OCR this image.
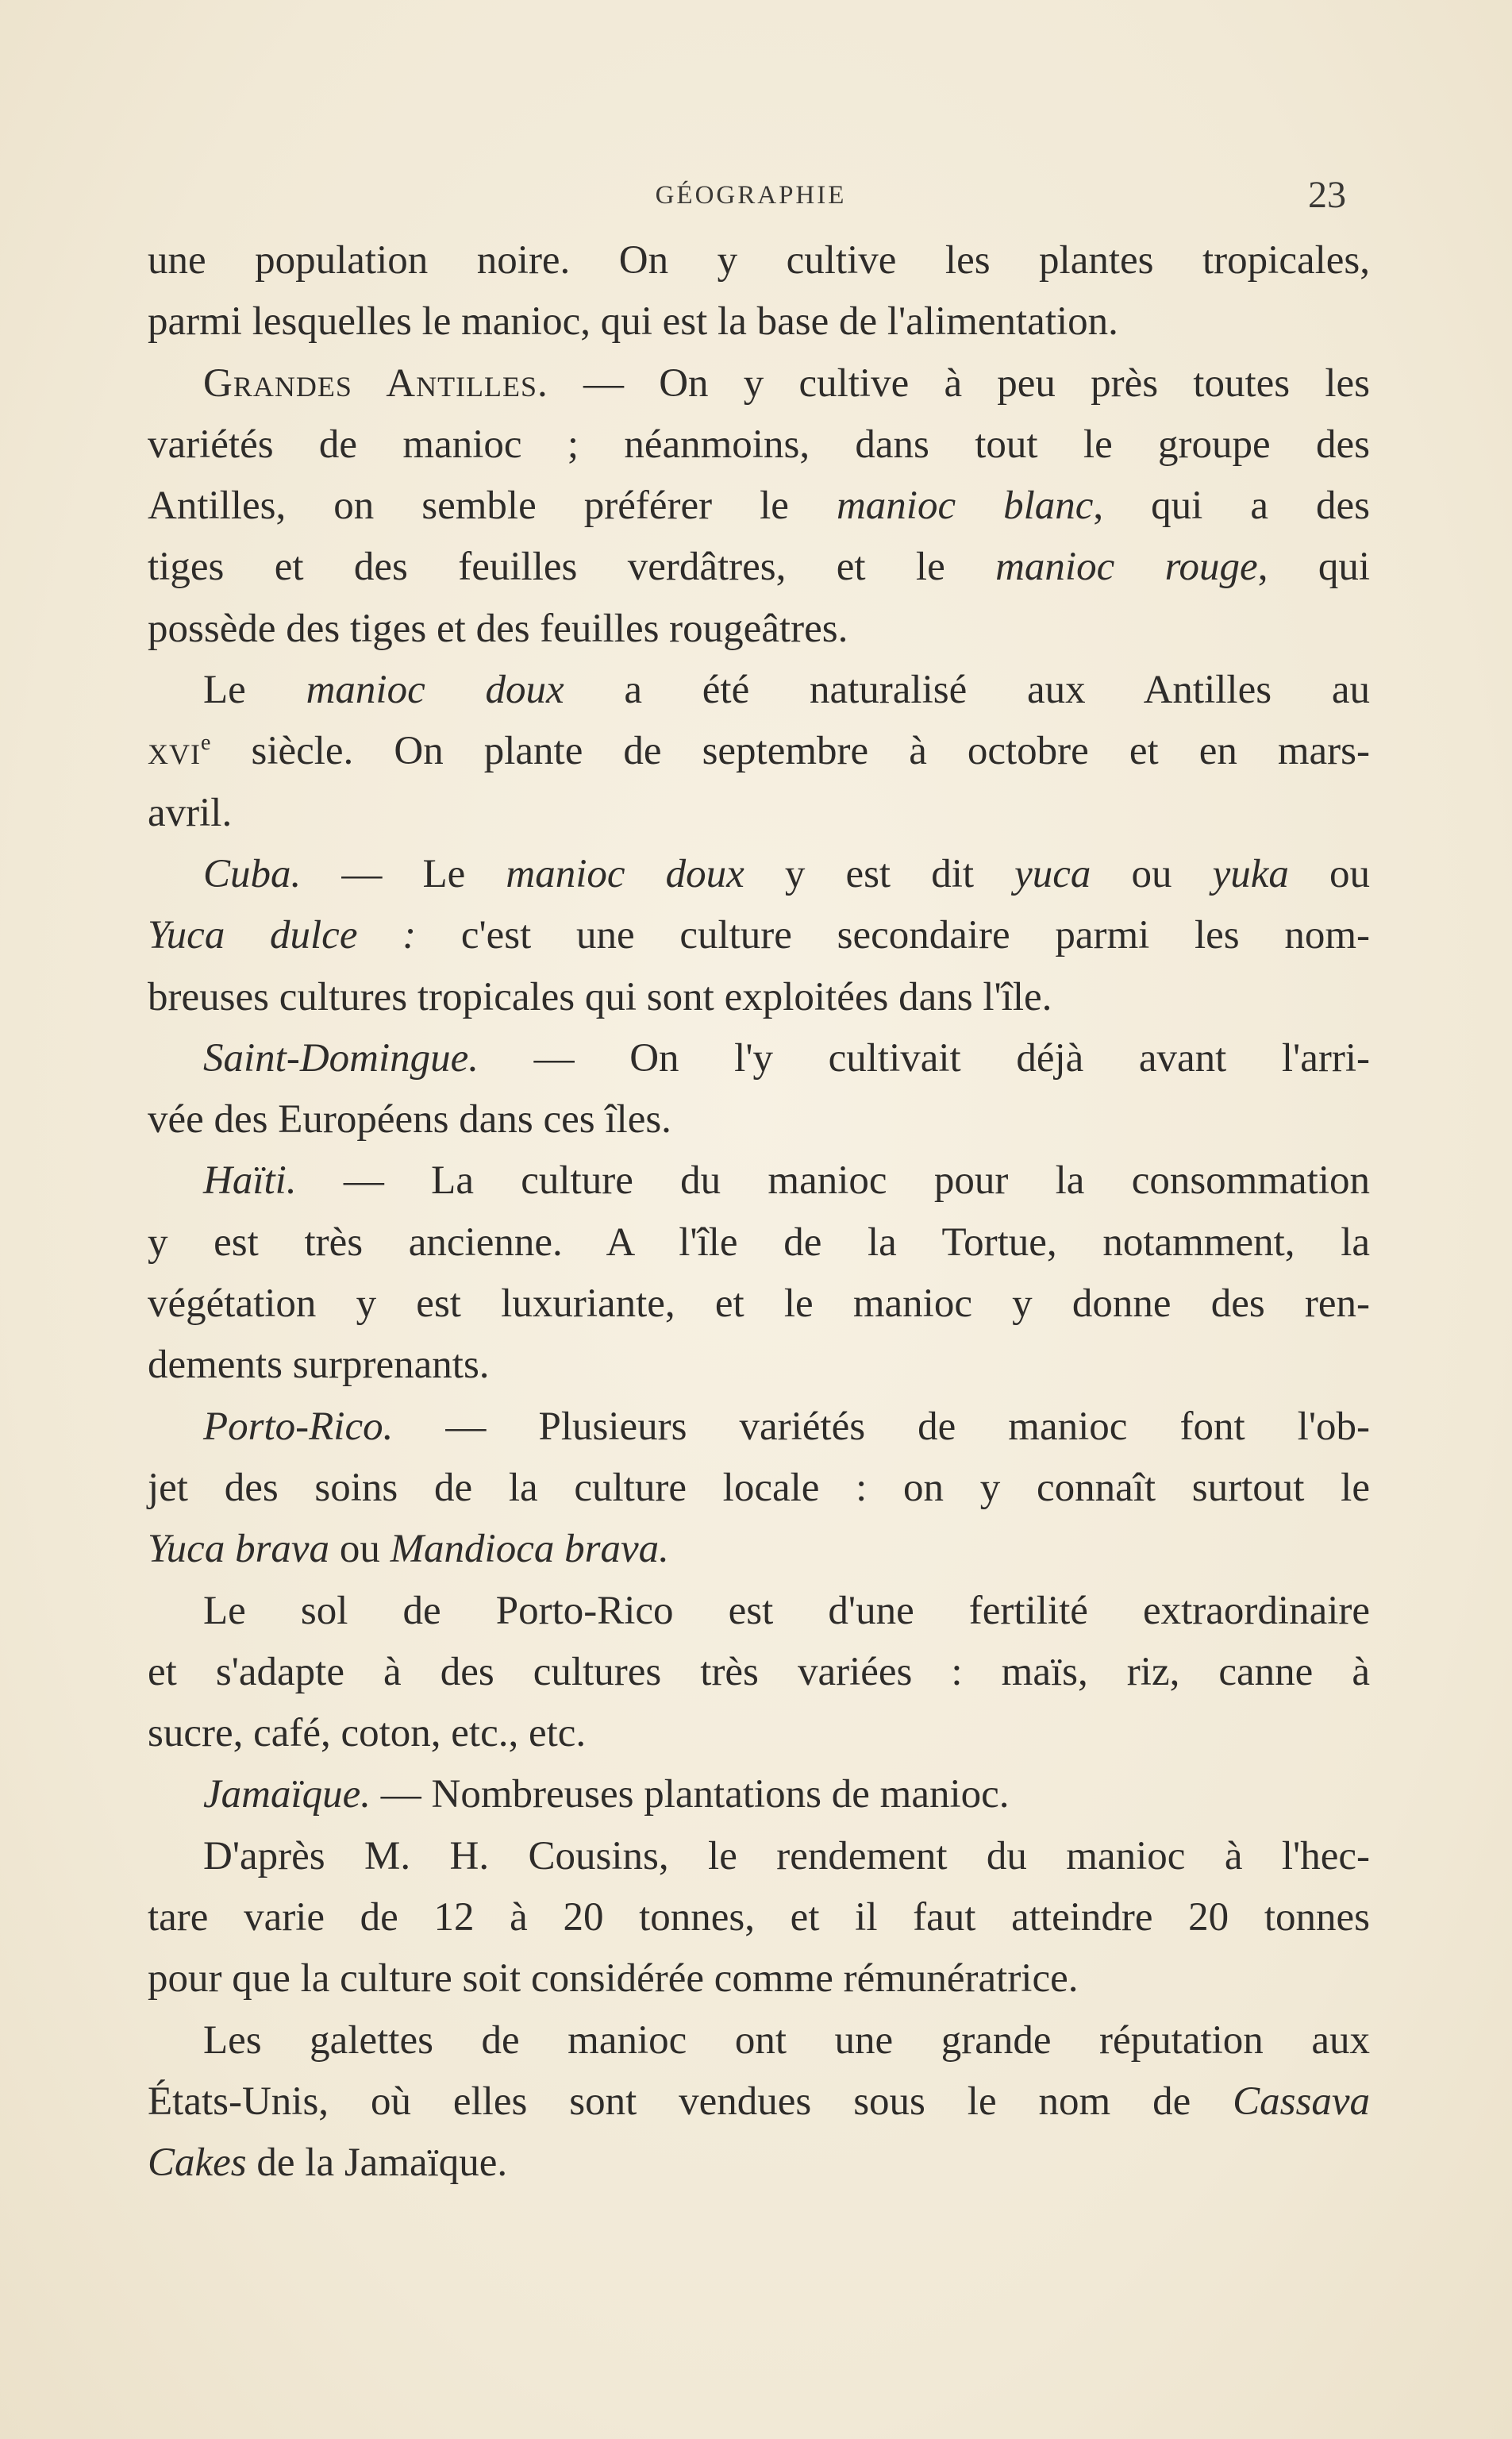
GÉOGRAPHIE	23
une population noire. On y cultive les plantes tropicales,
parmi lesquelles le manioc, qui est la base de l'alimentation.
Grandes Antilles. — On y cultive à peu près toutes les
variétés de manioc ; néanmoins, dans tout le groupe des
Antilles, on semble préférer le manioc blanc, qui a des
tiges et des feuilles verdâtres, et le manioc rouge, qui
possède des tiges et des feuilles rougeâtres.
Le manioc doux a été naturalisé aux Antilles au
xvi$^e$ siècle. On plante de septembre à octobre et en mars-
avril.
Cuba. — Le manioc doux y est dit yuca ou yuka ou
Yuca dulce : c'est une culture secondaire parmi les nom-
breuses cultures tropicales qui sont exploitées dans l'île.
Saint-Domingue. — On l'y cultivait déjà avant l'arri-
vée des Européens dans ces îles.
Haïti. — La culture du manioc pour la consommation
y est très ancienne. A l'île de la Tortue, notamment, la
végétation y est luxuriante, et le manioc y donne des ren-
dements surprenants.
Porto-Rico. — Plusieurs variétés de manioc font l'ob-
jet des soins de la culture locale : on y connaît surtout le
Yuca brava ou Mandioca brava.
Le sol de Porto-Rico est d'une fertilité extraordinaire
et s'adapte à des cultures très variées : maïs, riz, canne à
sucre, café, coton, etc., etc.
Jamaïque. — Nombreuses plantations de manioc.
D'après M. H. Cousins, le rendement du manioc à l'hec-
tare varie de 12 à 20 tonnes, et il faut atteindre 20 tonnes
pour que la culture soit considérée comme rémunératrice.
Les galettes de manioc ont une grande réputation aux
États-Unis, où elles sont vendues sous le nom de Cassava
Cakes de la Jamaïque.
